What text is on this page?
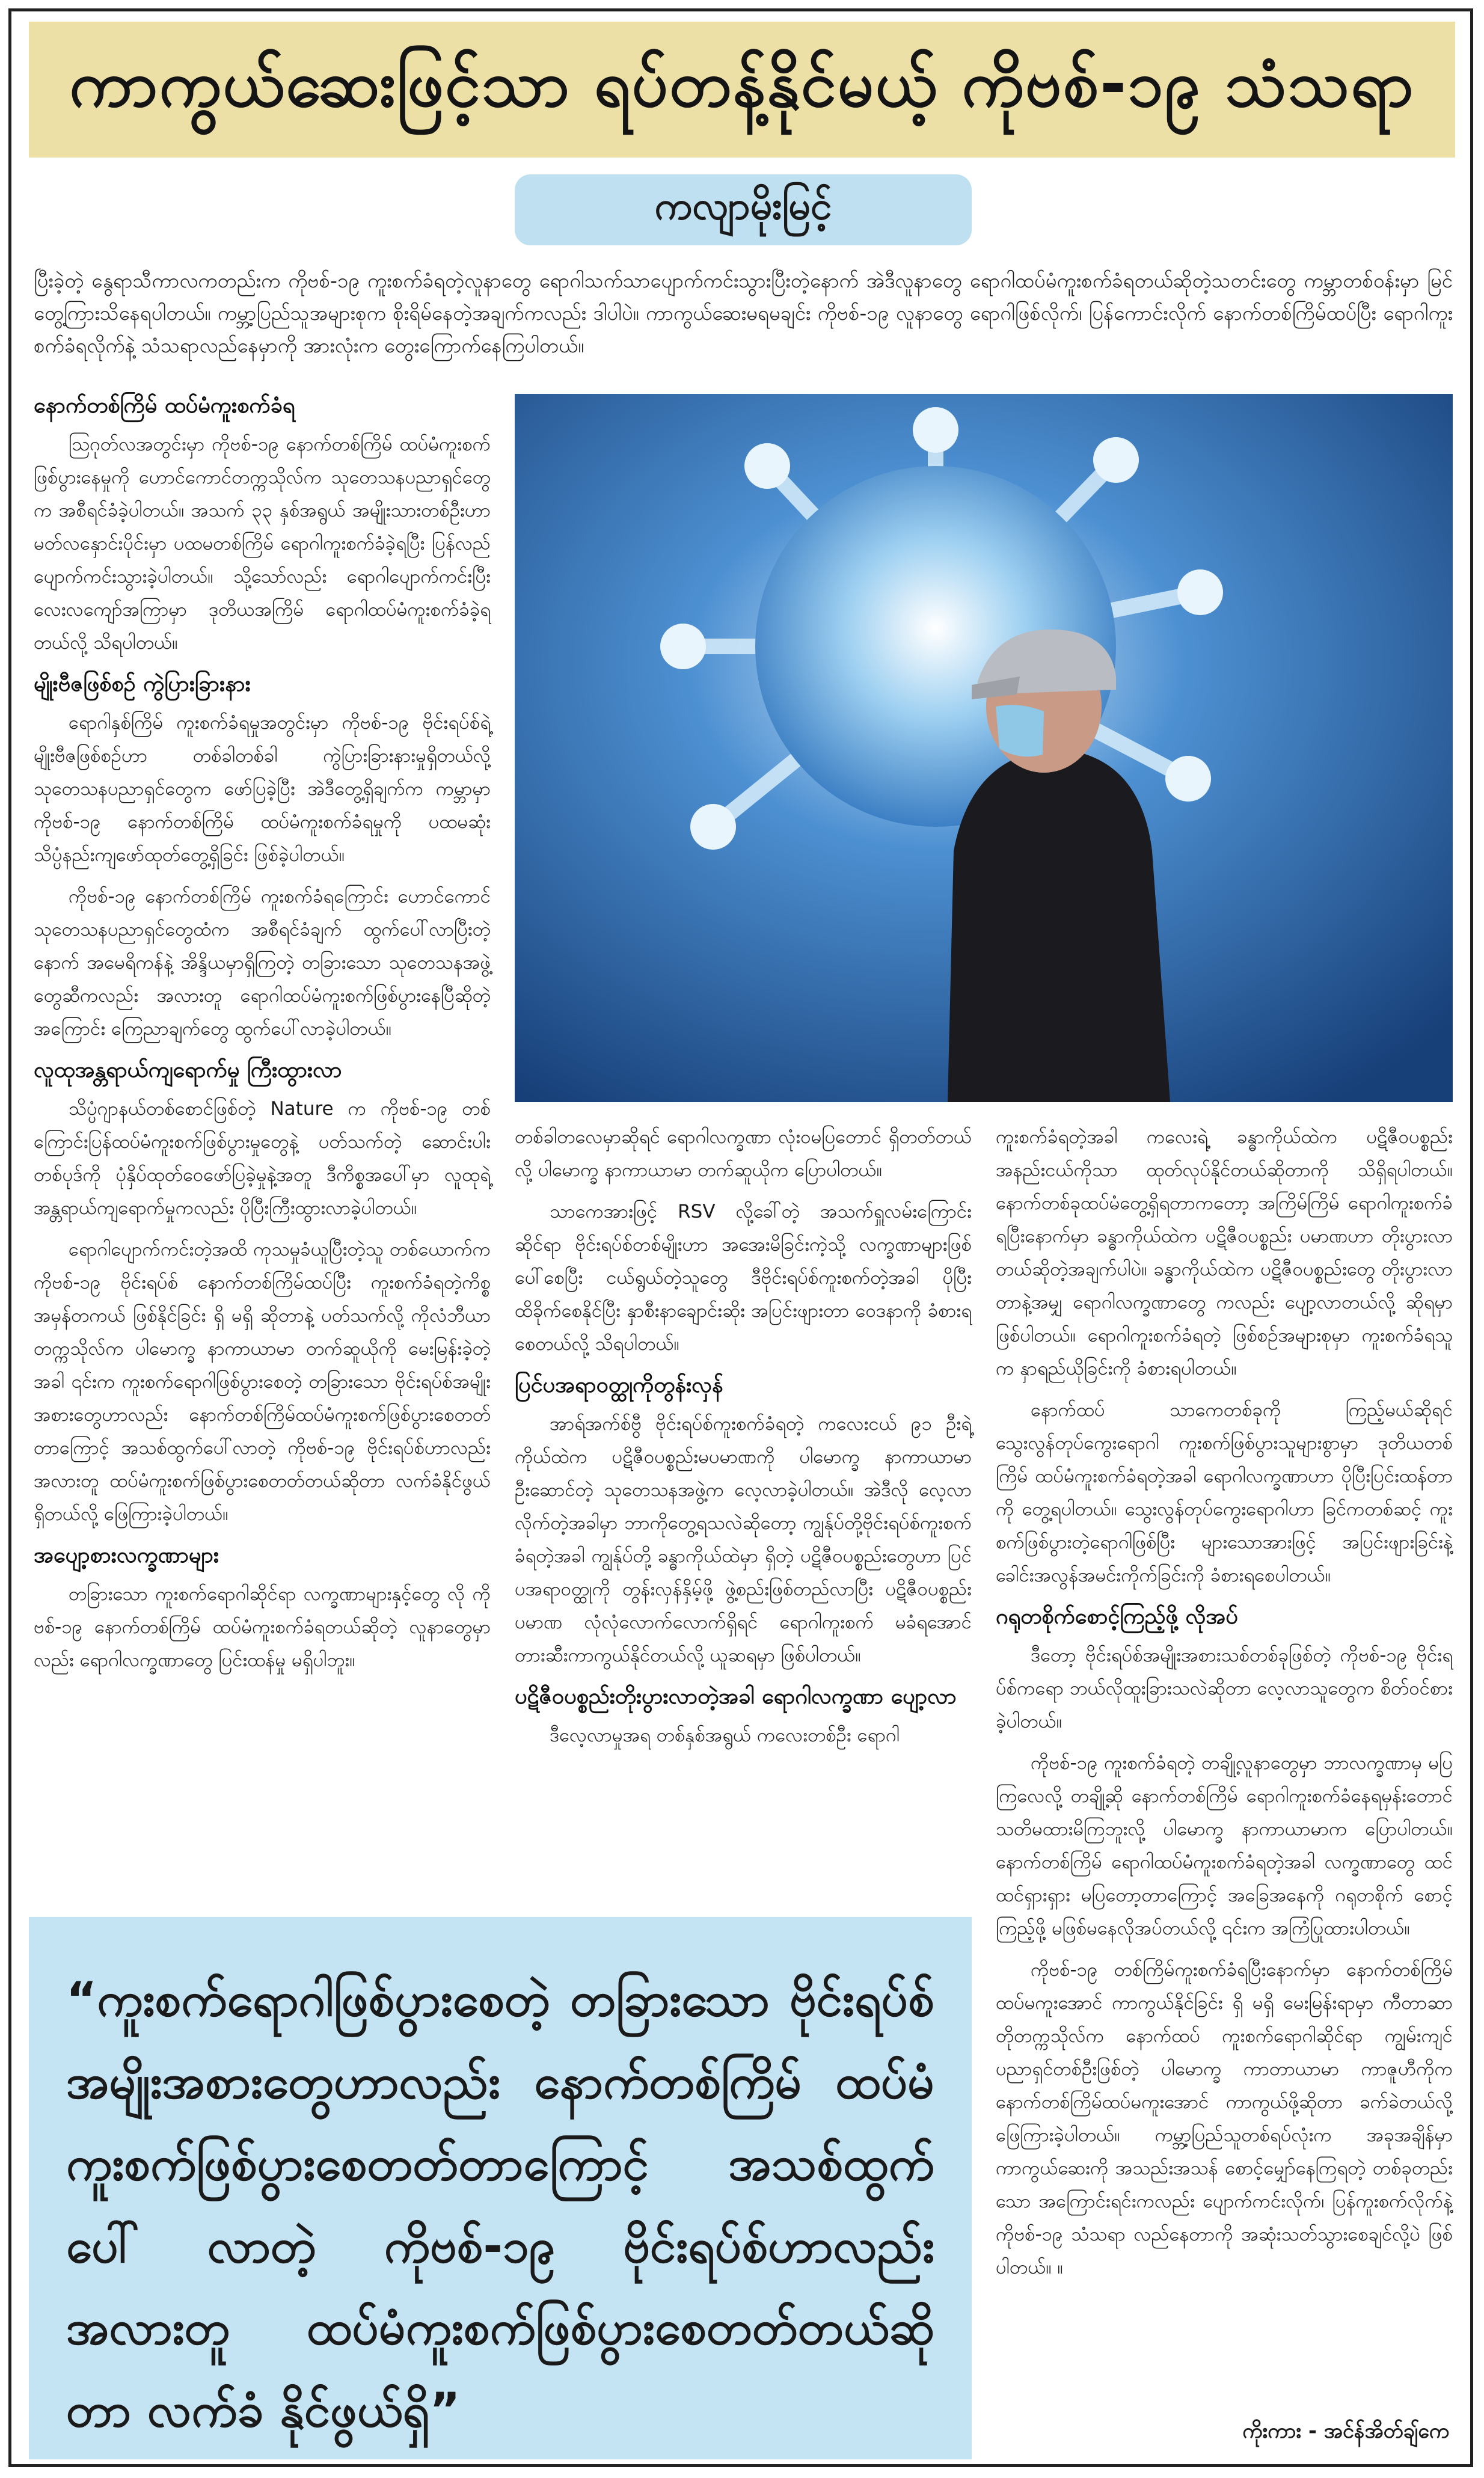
ကာကွယ်ဆေးဖြင့်သာ ရပ်တန့်နိုင်မယ့် ကိုဗစ်-၁၉ သံသရာ
ကလျာမိုးမြင့်
ပြီးခဲ့တဲ့ နွေရာသီကာလကတည်းက ကိုဗစ်-၁၉ ကူးစက်ခံရတဲ့လူနာတွေ ရောဂါသက်သာပျောက်ကင်းသွားပြီးတဲ့နောက် အဲဒီလူနာတွေ ရောဂါထပ်မံကူးစက်ခံရတယ်ဆိုတဲ့သတင်းတွေ ကမ္ဘာတစ်ဝန်းမှာ မြင်တွေ့ကြားသိနေရပါတယ်။ ကမ္ဘာ့ပြည်သူအများစုက စိုးရိမ်နေတဲ့အချက်ကလည်း ဒါပါပဲ။ ကာကွယ်ဆေးမရမချင်း ကိုဗစ်-၁၉ လူနာတွေ ရောဂါဖြစ်လိုက်၊ ပြန်ကောင်းလိုက် နောက်တစ်ကြိမ်ထပ်ပြီး ရောဂါကူးစက်ခံရလိုက်နဲ့ သံသရာလည်နေမှာကို အားလုံးက တွေးကြောက်နေကြပါတယ်။
နောက်တစ်ကြိမ် ထပ်မံကူးစက်ခံရ

ဩဂုတ်လအတွင်းမှာ ကိုဗစ်-၁၉ နောက်တစ်ကြိမ် ထပ်မံကူးစက်ဖြစ်ပွားနေမှုကို ဟောင်ကောင်တက္ကသိုလ်က သုတေသနပညာရှင်တွေက အစီရင်ခံခဲ့ပါတယ်။ အသက် ၃၃ နှစ်အရွယ် အမျိုးသားတစ်ဦးဟာ မတ်လနှောင်းပိုင်းမှာ ပထမတစ်ကြိမ် ရောဂါကူးစက်ခံခဲ့ရပြီး ပြန်လည်ပျောက်ကင်းသွားခဲ့ပါတယ်။ သို့သော်လည်း ရောဂါပျောက်ကင်းပြီး လေးလကျော်အကြာမှာ ဒုတိယအကြိမ် ရောဂါထပ်မံကူးစက်ခံခဲ့ရတယ်လို့ သိရပါတယ်။

မျိုးဗီဇဖြစ်စဉ် ကွဲပြားခြားနား

ရောဂါနှစ်ကြိမ် ကူးစက်ခံရမှုအတွင်းမှာ ကိုဗစ်-၁၉ ဗိုင်းရပ်စ်ရဲ့ မျိုးဗီဇဖြစ်စဉ်ဟာ တစ်ခါတစ်ခါ ကွဲပြားခြားနားမှုရှိတယ်လို့ သုတေသနပညာရှင်တွေက ဖော်ပြခဲ့ပြီး အဲဒီတွေ့ရှိချက်က ကမ္ဘာမှာ ကိုဗစ်-၁၉ နောက်တစ်ကြိမ် ထပ်မံကူးစက်ခံရမှုကို ပထမဆုံး သိပ္ပံနည်းကျဖော်ထုတ်တွေ့ရှိခြင်း ဖြစ်ခဲ့ပါတယ်။

ကိုဗစ်-၁၉ နောက်တစ်ကြိမ် ကူးစက်ခံရကြောင်း ဟောင်ကောင်သုတေသနပညာရှင်တွေထံက အစီရင်ခံချက် ထွက်ပေါ်လာပြီးတဲ့နောက် အမေရိကန်နဲ့ အိန္ဒိယမှာရှိကြတဲ့ တခြားသော သုတေသနအဖွဲ့တွေဆီကလည်း အလားတူ ရောဂါထပ်မံကူးစက်ဖြစ်ပွားနေပြီဆိုတဲ့အကြောင်း ကြေညာချက်တွေ ထွက်ပေါ်လာခဲ့ပါတယ်။

လူထုအန္တရာယ်ကျရောက်မှု ကြီးထွားလာ

သိပ္ပံဂျာနယ်တစ်စောင်ဖြစ်တဲ့ Nature က ကိုဗစ်-၁၉ တစ်ကြောင်းပြန်ထပ်မံကူးစက်ဖြစ်ပွားမှုတွေနဲ့ ပတ်သက်တဲ့ ဆောင်းပါးတစ်ပုဒ်ကို ပုံနှိပ်ထုတ်ဝေဖော်ပြခဲ့မှုနဲ့အတူ ဒီကိစ္စအပေါ်မှာ လူထုရဲ့အန္တရာယ်ကျရောက်မှုကလည်း ပိုပြီးကြီးထွားလာခဲ့ပါတယ်။

ရောဂါပျောက်ကင်းတဲ့အထိ ကုသမှုခံယူပြီးတဲ့သူ တစ်ယောက်က ကိုဗစ်-၁၉ ဗိုင်းရပ်စ် နောက်တစ်ကြိမ်ထပ်ပြီး ကူးစက်ခံရတဲ့ကိစ္စ အမှန်တကယ် ဖြစ်နိုင်ခြင်း ရှိ မရှိ ဆိုတာနဲ့ ပတ်သက်လို့ ကိုလံဘီယာတက္ကသိုလ်က ပါမောက္ခ နာကာယာမာ တက်ဆူယိုကို မေးမြန်းခဲ့တဲ့အခါ ၎င်းက ကူးစက်ရောဂါဖြစ်ပွားစေတဲ့ တခြားသော ဗိုင်းရပ်စ်အမျိုးအစားတွေဟာလည်း နောက်တစ်ကြိမ်ထပ်မံကူးစက်ဖြစ်ပွားစေတတ်တာကြောင့် အသစ်ထွက်ပေါ်လာတဲ့ ကိုဗစ်-၁၉ ဗိုင်းရပ်စ်ဟာလည်း အလားတူ ထပ်မံကူးစက်ဖြစ်ပွားစေတတ်တယ်ဆိုတာ လက်ခံနိုင်ဖွယ်ရှိတယ်လို့ ဖြေကြားခဲ့ပါတယ်။

အပျော့စားလက္ခဏာများ

တခြားသော ကူးစက်ရောဂါဆိုင်ရာ လက္ခဏာများနှင့်တွေ လို ကိုဗစ်-၁၉ နောက်တစ်ကြိမ် ထပ်မံကူးစက်ခံရတယ်ဆိုတဲ့ လူနာတွေမှာလည်း ရောဂါလက္ခဏာတွေ ပြင်းထန်မှု မရှိပါဘူး။

တစ်ခါတလေမှာဆိုရင် ရောဂါလက္ခဏာ လုံးဝမပြတောင် ရှိတတ်တယ်လို့ ပါမောက္ခ နာကာယာမာ တက်ဆူယိုက ပြောပါတယ်။

သာကေအားဖြင့် RSV လို့ခေါ်တဲ့ အသက်ရှူလမ်းကြောင်းဆိုင်ရာ ဗိုင်းရပ်စ်တစ်မျိုးဟာ အအေးမိခြင်းကဲ့သို့ လက္ခဏာများဖြစ်ပေါ်စေပြီး ငယ်ရွယ်တဲ့သူတွေ ဒီဗိုင်းရပ်စ်ကူးစက်တဲ့အခါ ပိုပြီး ထိခိုက်စေနိုင်ပြီး နှာစီးနာချောင်းဆိုး အပြင်းဖျားတာ ဝေဒနာကို ခံစားရစေတယ်လို့ သိရပါတယ်။

ပြင်ပအရာဝတ္ထုကိုတွန်းလှန်

အာရ်အက်စ်ဗွီ ဗိုင်းရပ်စ်ကူးစက်ခံရတဲ့ ကလေးငယ် ၉၁ ဦးရဲ့ကိုယ်ထဲက ပဋိဇီဝပစ္စည်းမပမာဏကို ပါမောက္ခ နာကာယာမာ ဦးဆောင်တဲ့ သုတေသနအဖွဲ့က လေ့လာခဲ့ပါတယ်။ အဲဒီလို လေ့လာလိုက်တဲ့အခါမှာ ဘာကိုတွေ့ရသလဲဆိုတော့ ကျွန်ုပ်တို့ဗိုင်းရပ်စ်ကူးစက်ခံရတဲ့အခါ ကျွန်ုပ်တို့ ခန္ဓာကိုယ်ထဲမှာ ရှိတဲ့ ပဋိဇီဝပစ္စည်းတွေဟာ ပြင်ပအရာဝတ္ထုကို တွန်းလှန်နှိမ့်ဖို့ ဖွဲ့စည်းဖြစ်တည်လာပြီး ပဋိဇီဝပစ္စည်းပမာဏ လုံလုံလောက်လောက်ရှိရင် ရောဂါကူးစက် မခံရအောင် တားဆီးကာကွယ်နိုင်တယ်လို့ ယူဆရမှာ ဖြစ်ပါတယ်။

ပဋိဇီဝပစ္စည်းတိုးပွားလာတဲ့အခါ ရောဂါလက္ခဏာ ပျော့လာ

ဒီလေ့လာမှုအရ တစ်နှစ်အရွယ် ကလေးတစ်ဦး ရောဂါ

ကူးစက်ခံရတဲ့အခါ ကလေးရဲ့ ခန္ဓာကိုယ်ထဲက ပဋိဇီဝပစ္စည်း အနည်းငယ်ကိုသာ ထုတ်လုပ်နိုင်တယ်ဆိုတာကို သိရှိရပါတယ်။ နောက်တစ်ခုထပ်မံတွေ့ရှိရတာကတော့ အကြိမ်ကြိမ် ရောဂါကူးစက်ခံရပြီးနောက်မှာ ခန္ဓာကိုယ်ထဲက ပဋိဇီဝပစ္စည်း ပမာဏဟာ တိုးပွားလာတယ်ဆိုတဲ့အချက်ပါပဲ။ ခန္ဓာကိုယ်ထဲက ပဋိဇီဝပစ္စည်းတွေ တိုးပွားလာတာနဲ့အမျှ ရောဂါလက္ခဏာတွေ ကလည်း ပျော့လာတယ်လို့ ဆိုရမှာဖြစ်ပါတယ်။ ရောဂါကူးစက်ခံရတဲ့ ဖြစ်စဉ်အများစုမှာ ကူးစက်ခံရသူက နှာရည်ယိုခြင်းကို ခံစားရပါတယ်။

နောက်ထပ် သာကေတစ်ခုကို ကြည့်မယ်ဆိုရင် သွေးလွန်တုပ်ကွေးရောဂါ ကူးစက်ဖြစ်ပွားသူများစွာမှာ ဒုတိယတစ်ကြိမ် ထပ်မံကူးစက်ခံရတဲ့အခါ ရောဂါလက္ခဏာဟာ ပိုပြီးပြင်းထန်တာကို တွေ့ရပါတယ်။ သွေးလွန်တုပ်ကွေးရောဂါဟာ ခြင်ကတစ်ဆင့် ကူးစက်ဖြစ်ပွားတဲ့ရောဂါဖြစ်ပြီး များသောအားဖြင့် အပြင်းဖျားခြင်းနဲ့ ခေါင်းအလွန်အမင်းကိုက်ခြင်းကို ခံစားရစေပါတယ်။

ဂရုတစိုက်စောင့်ကြည့်ဖို့ လိုအပ်

ဒီတော့ ဗိုင်းရပ်စ်အမျိုးအစားသစ်တစ်ခုဖြစ်တဲ့ ကိုဗစ်-၁၉ ဗိုင်းရပ်စ်ကရော ဘယ်လိုထူးခြားသလဲဆိုတာ လေ့လာသူတွေက စိတ်ဝင်စားခဲ့ပါတယ်။

ကိုဗစ်-၁၉ ကူးစက်ခံရတဲ့ တချို့လူနာတွေမှာ ဘာလက္ခဏာမှ မပြကြလေလို့ တချို့ဆို နောက်တစ်ကြိမ် ရောဂါကူးစက်ခံနေရမှန်းတောင် သတိမထားမိကြဘူးလို့ ပါမောက္ခ နာကာယာမာက ပြောပါတယ်။ နောက်တစ်ကြိမ် ရောဂါထပ်မံကူးစက်ခံရတဲ့အခါ လက္ခဏာတွေ ထင်ထင်ရှားရှား မပြတော့တာကြောင့် အခြေအနေကို ဂရုတစိုက် စောင့်ကြည့်ဖို့ မဖြစ်မနေလိုအပ်တယ်လို့ ၎င်းက အကြံပြုထားပါတယ်။

ကိုဗစ်-၁၉ တစ်ကြိမ်ကူးစက်ခံရပြီးနောက်မှာ နောက်တစ်ကြိမ်ထပ်မကူးအောင် ကာကွယ်နိုင်ခြင်း ရှိ မရှိ မေးမြန်းရာမှာ ကီတာဆာတိုတက္ကသိုလ်က နောက်ထပ် ကူးစက်ရောဂါဆိုင်ရာ ကျွမ်းကျင်ပညာရှင်တစ်ဦးဖြစ်တဲ့ ပါမောက္ခ ကာတာယာမာ ကာဇူဟီကိုက နောက်တစ်ကြိမ်ထပ်မကူးအောင် ကာကွယ်ဖို့ဆိုတာ ခက်ခဲတယ်လို့ ဖြေကြားခဲ့ပါတယ်။ ကမ္ဘာ့ပြည်သူတစ်ရပ်လုံးက အခုအချိန်မှာ ကာကွယ်ဆေးကို အသည်းအသန် စောင့်မျှော်နေကြရတဲ့ တစ်ခုတည်းသော အကြောင်းရင်းကလည်း ပျောက်ကင်းလိုက်၊ ပြန်ကူးစက်လိုက်နဲ့ ကိုဗစ်-၁၉ သံသရာ လည်နေတာကို အဆုံးသတ်သွားစေချင်လို့ပဲ ဖြစ်ပါတယ်။ ။

“ကူးစက်ရောဂါဖြစ်ပွားစေတဲ့ တခြားသော ဗိုင်းရပ်စ် အမျိုးအစားတွေဟာလည်း နောက်တစ်ကြိမ် ထပ်မံ ကူးစက်ဖြစ်ပွားစေတတ်တာကြောင့် အသစ်ထွက်ပေါ် လာတဲ့ ကိုဗစ်-၁၉ ဗိုင်းရပ်စ်ဟာလည်း အလားတူ ထပ်မံကူးစက်ဖြစ်ပွားစေတတ်တယ်ဆိုတာ လက်ခံ နိုင်ဖွယ်ရှိ”	ကိုးကား - အင်န်အိတ်ချ်ကေ
